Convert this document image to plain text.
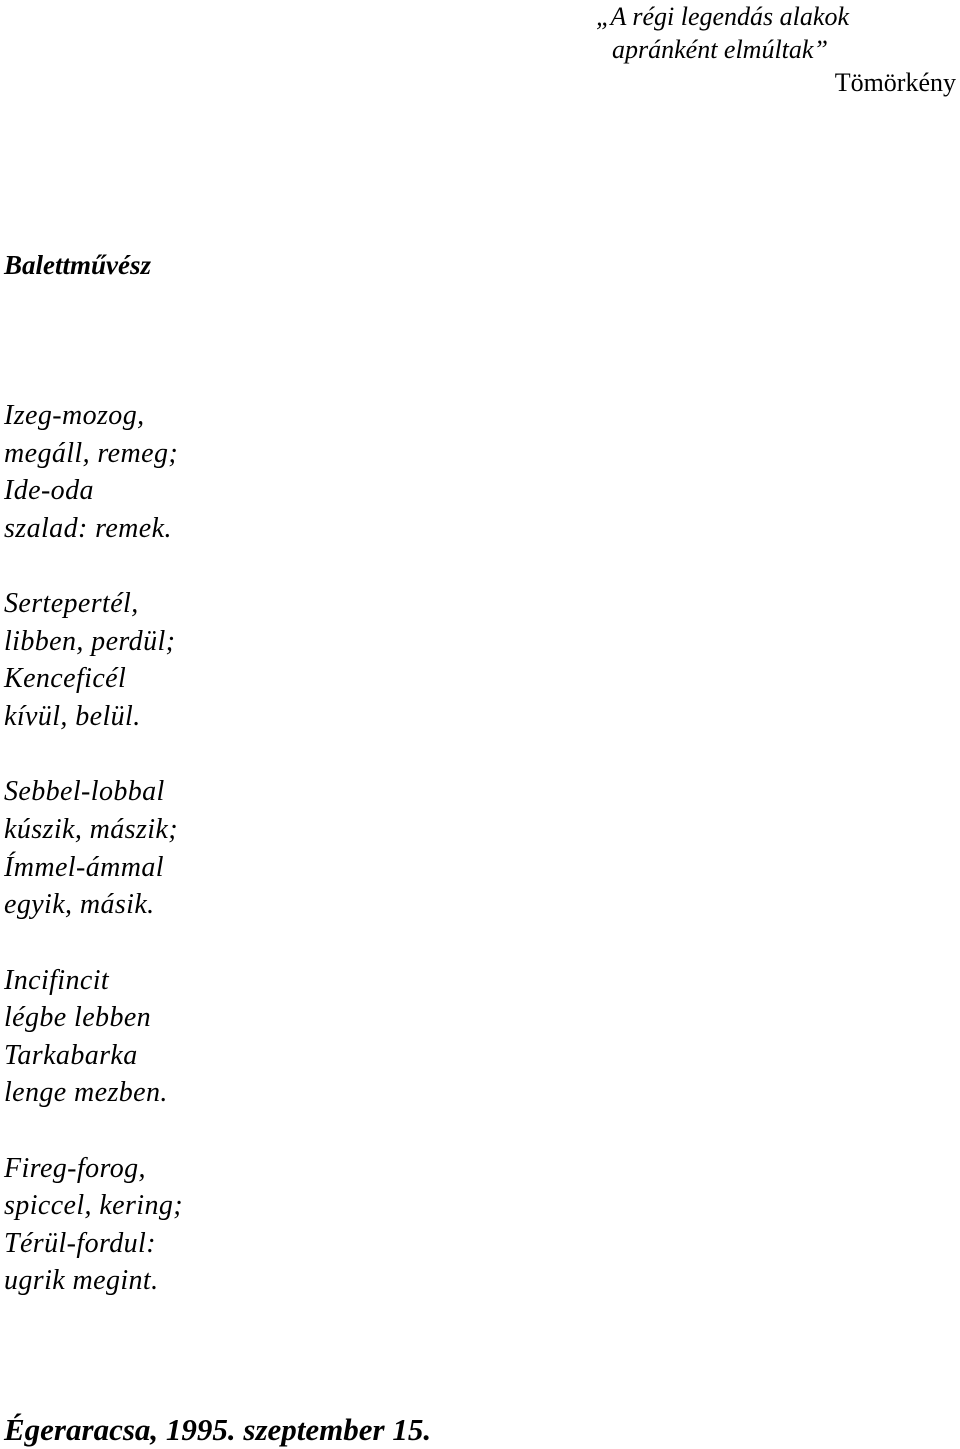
„A régi legendás alakok
apránként elmúltak”
Tömörkény
Balettművész
Izeg-mozog,
megáll, remeg;
Ide-oda
szalad: remek.
Sertepertél,
libben, perdül;
Kenceficél
kívül, belül.
Sebbel-lobbal
kúszik, mászik;
Ímmel-ámmal
egyik, másik.
Incifincit
légbe lebben
Tarkabarka
lenge mezben.
Fireg-forog,
spiccel, kering;
Térül-fordul:
ugrik megint.
Égeraracsa, 1995. szeptember 15.
